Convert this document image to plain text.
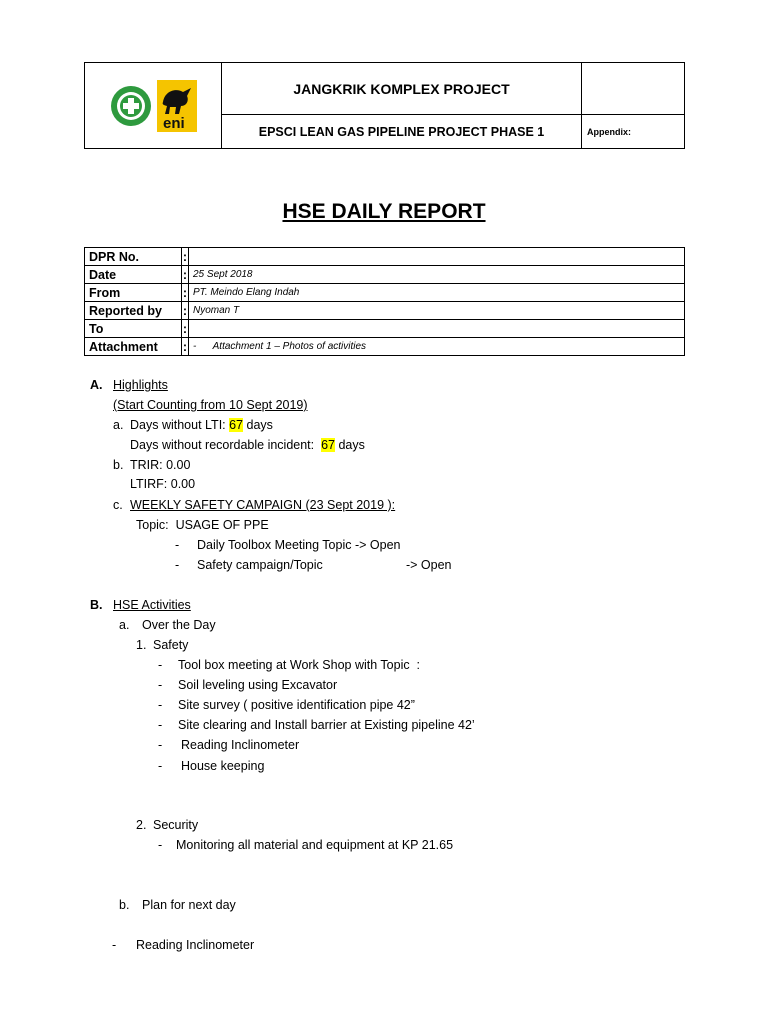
eni	JANGKRIK KOMPLEX PROJECT	
	EPSCI LEAN GAS PIPELINE PROJECT PHASE 1	Appendix:
HSE DAILY REPORT
DPR No.	:	
Date	:	25 Sept 2018
From	:	PT. Meindo Elang Indah
Reported by	:	Nyoman T
To	:	
Attachment	:	-      Attachment 1 – Photos of activities
A. Highlights
(Start Counting from 10 Sept 2019)
a. Days without LTI: 67 days
Days without recordable incident:  67 days
b. TRIR: 0.00
LTIRF: 0.00
c. WEEKLY SAFETY CAMPAIGN (23 Sept 2019 ):
Topic:  USAGE OF PPE
- Daily Toolbox Meeting Topic -> Open
- Safety campaign/Topic	-> Open
B. HSE Activities
a. Over the Day
1. Safety
- Tool box meeting at Work Shop with Topic  :
- Soil leveling using Excavator
- Site survey ( positive identification pipe 42”
- Site clearing and Install barrier at Existing pipeline 42’
- Reading Inclinometer
- House keeping
2. Security
- Monitoring all material and equipment at KP 21.65
b. Plan for next day
- Reading Inclinometer
